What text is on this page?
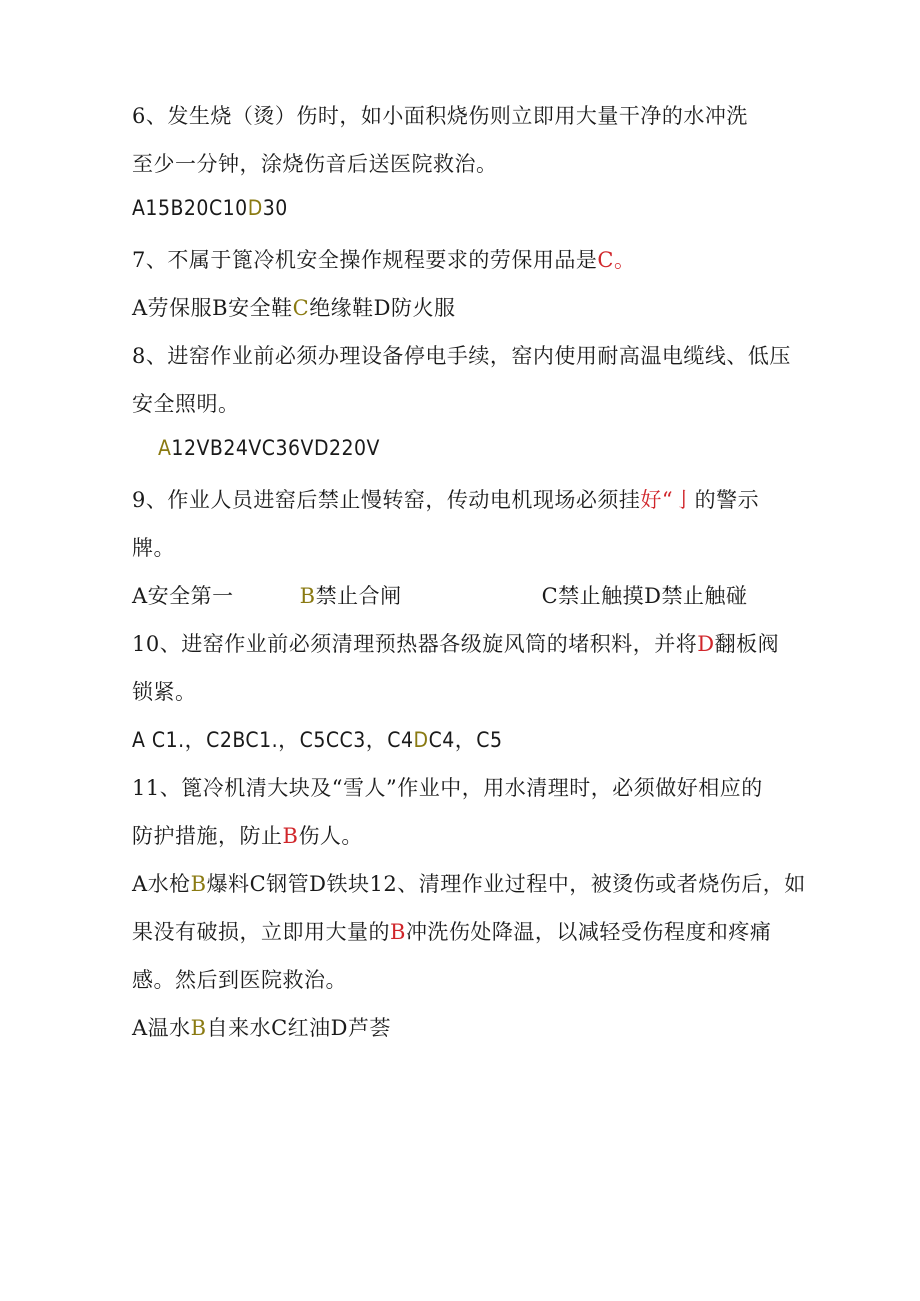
6、发生烧（烫）伤时，如小面积烧伤则立即用大量干净的水冲洗
至少一分钟，涂烧伤音后送医院救治。
A15B20C10D30
7、不属于篦冷机安全操作规程要求的劳保用品是C。
A劳保服B安全鞋C绝缘鞋D防火服
8、进窑作业前必须办理设备停电手续，窑内使用耐高温电缆线、低压
安全照明。
A12VB24VC36VD220V
9、作业人员进窑后禁止慢转窑，传动电机现场必须挂好“亅的警示
牌。
A安全第一	B禁止合闸	C禁止触摸D禁止触碰
10、进窑作业前必须清理预热器各级旋风筒的堵积料，并将D翻板阀
锁紧。
A C1.，C2BC1.，C5CC3，C4DC4，C5
11、篦冷机清大块及“雪人”作业中，用水清理时，必须做好相应的
防护措施，防止B伤人。
A水枪B爆料C钢管D铁块12、清理作业过程中，被烫伤或者烧伤后，如
果没有破损，立即用大量的B冲洗伤处降温，以减轻受伤程度和疼痛
感。然后到医院救治。
A温水B自来水C红油D芦荟
